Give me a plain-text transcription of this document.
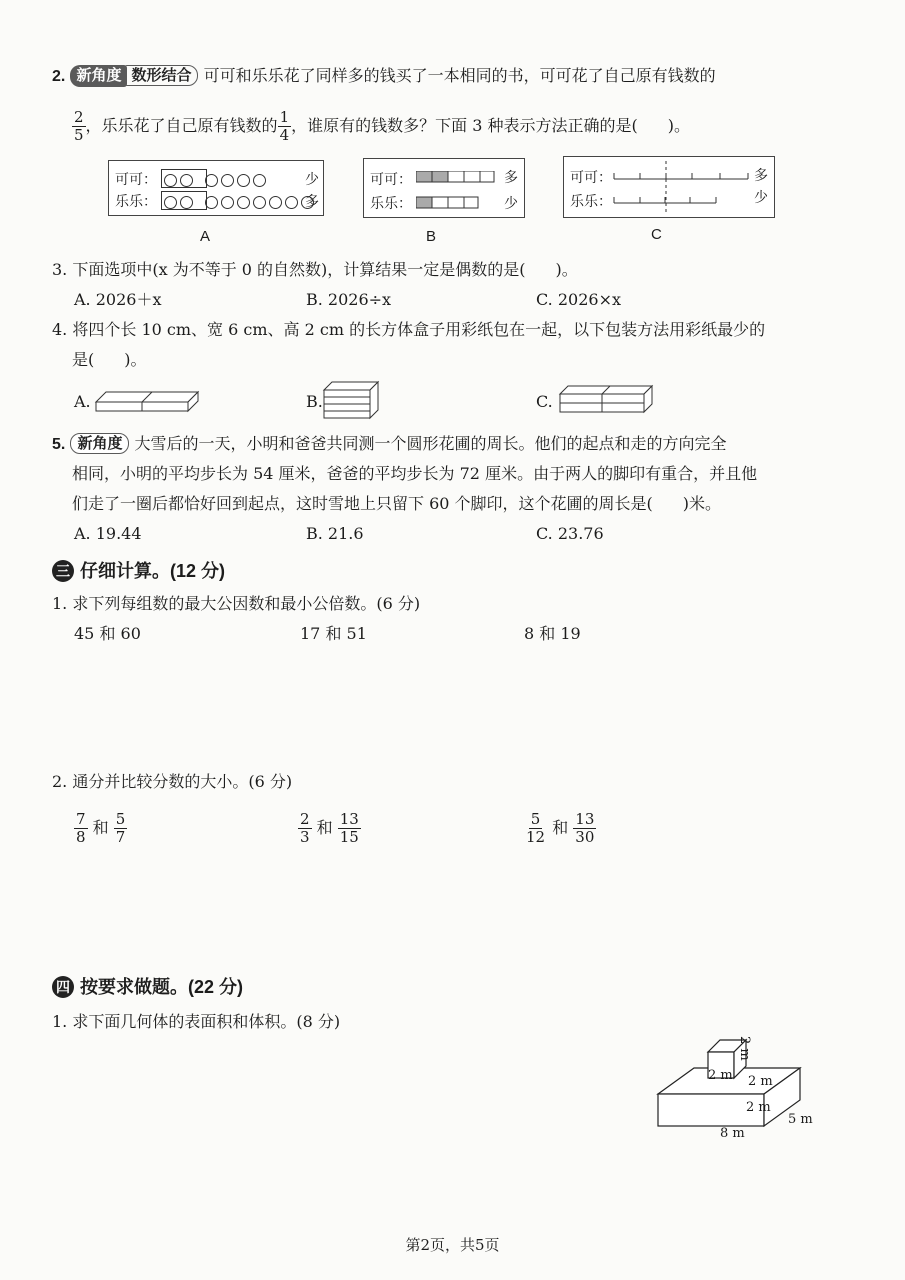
2. 新角度 数形结合 可可和乐乐花了同样多的钱买了一本相同的书，可可花了自己原有钱数的
$\frac{2}{5}$ ，乐乐花了自己原有钱数的 $\frac{1}{4}$ ，谁原有的钱数多？下面 3 种表示方法正确的是( )。
可可：
	少
乐乐：
	多
A
可可：	多
乐乐：	少
B
可可：	多
乐乐：	少
C
3. 下面选项中(x 为不等于 0 的自然数)，计算结果一定是偶数的是( )。
A. 2026＋x	B. 2026÷x	C. 2026×x
4. 将四个长 10 cm、宽 6 cm、高 2 cm 的长方体盒子用彩纸包在一起，以下包装方法用彩纸最少的
是( )。
A.	B.	C.
5. 新角度 大雪后的一天，小明和爸爸共同测一个圆形花圃的周长。他们的起点和走的方向完全
相同，小明的平均步长为 54 厘米，爸爸的平均步长为 72 厘米。由于两人的脚印有重合，并且他
们走了一圈后都恰好回到起点，这时雪地上只留下 60 个脚印，这个花圃的周长是( )米。
A. 19.44	B. 21.6	C. 23.76
三 仔细计算。(12 分)
1. 求下列每组数的最大公因数和最小公倍数。(6 分)
45 和 60	17 和 51	8 和 19
2. 通分并比较分数的大小。(6 分)
$\frac{7}{8}$ 和 $\frac{5}{7}$	$\frac{2}{3}$ 和 $\frac{13}{15}$	$\frac{5}{12}$ 和 $\frac{13}{30}$
四 按要求做题。(22 分)
1. 求下面几何体的表面积和体积。(8 分)
2 m
2 m 2 m
2 m
5 m
8 m
第2页，共5页
